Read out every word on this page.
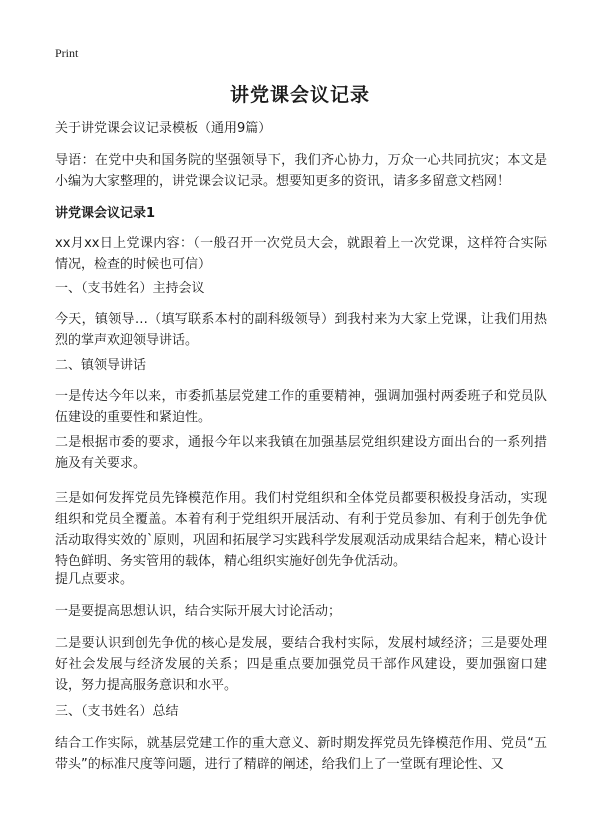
Print
讲党课会议记录

关于讲党课会议记录模板（通用9篇）

导语：在党中央和国务院的坚强领导下，我们齐心协力，万众一心共同抗灾；本文是小编为大家整理的，讲党课会议记录。想要知更多的资讯，请多多留意文档网！

讲党课会议记录1

xx月xx日上党课内容：（一般召开一次党员大会，就跟着上一次党课，这样符合实际情况，检查的时候也可信）

一、（支书姓名）主持会议

今天，镇领导…（填写联系本村的副科级领导）到我村来为大家上党课，让我们用热烈的掌声欢迎领导讲话。

二、镇领导讲话

一是传达今年以来，市委抓基层党建工作的重要精神，强调加强村两委班子和党员队伍建设的重要性和紧迫性。

二是根据市委的要求，通报今年以来我镇在加强基层党组织建设方面出台的一系列措施及有关要求。

三是如何发挥党员先锋模范作用。我们村党组织和全体党员都要积极投身活动，实现组织和党员全覆盖。本着有利于党组织开展活动、有利于党员参加、有利于创先争优活动取得实效的`原则，巩固和拓展学习实践科学发展观活动成果结合起来，精心设计特色鲜明、务实管用的载体，精心组织实施好创先争优活动。

提几点要求。

一是要提高思想认识，结合实际开展大讨论活动；

二是要认识到创先争优的核心是发展，要结合我村实际，发展村域经济；三是要处理好社会发展与经济发展的关系；四是重点要加强党员干部作风建设，要加强窗口建设，努力提高服务意识和水平。

三、（支书姓名）总结

结合工作实际，就基层党建工作的重大意义、新时期发挥党员先锋模范作用、党员“五带头”的标准尺度等问题，进行了精辟的阐述，给我们上了一堂既有理论性、又
